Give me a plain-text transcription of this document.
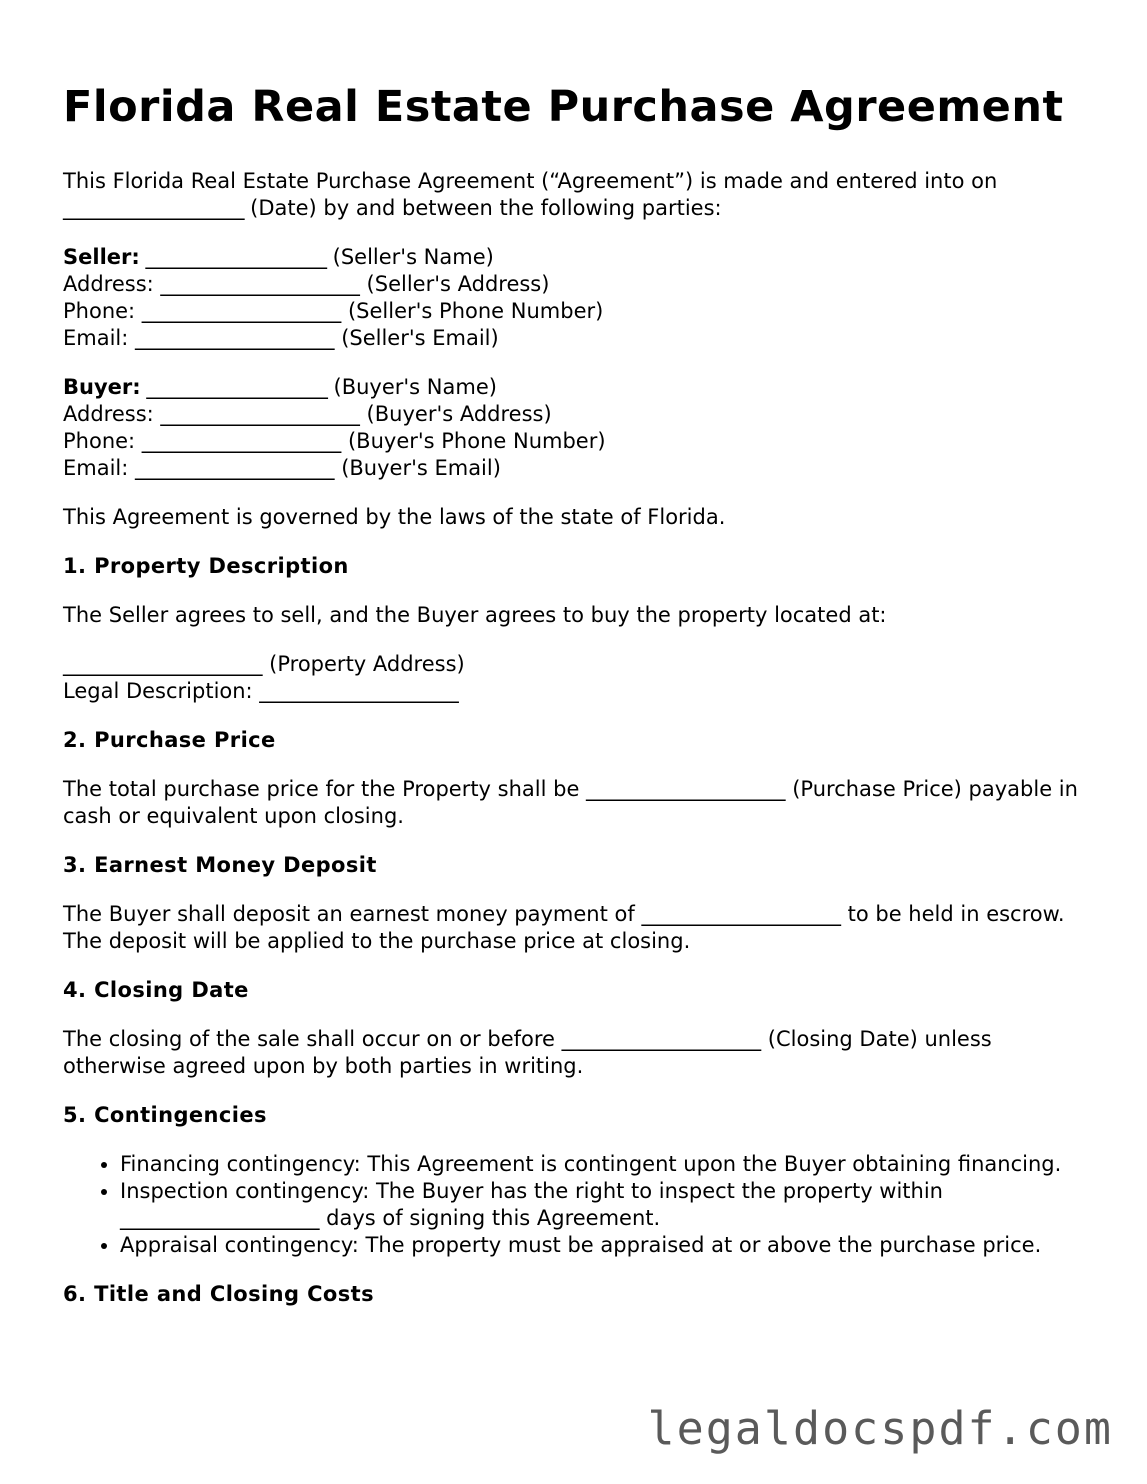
Florida Real Estate Purchase Agreement

This Florida Real Estate Purchase Agreement (“Agreement”) is made and entered into on
___________________ (Date) by and between the following parties:

Seller: ___________________ (Seller's Name)
Address: ___________________ (Seller's Address)
Phone: ___________________ (Seller's Phone Number)
Email: ___________________ (Seller's Email)
Buyer: ___________________ (Buyer's Name)
Address: ___________________ (Buyer's Address)
Phone: ___________________ (Buyer's Phone Number)
Email: ___________________ (Buyer's Email)

This Agreement is governed by the laws of the state of Florida.

1. Property Description

The Seller agrees to sell, and the Buyer agrees to buy the property located at:

___________________ (Property Address)
Legal Description: ___________________
2. Purchase Price

The total purchase price for the Property shall be ___________________ (Purchase Price) payable in cash or equivalent upon closing.

3. Earnest Money Deposit

The Buyer shall deposit an earnest money payment of ___________________ to be held in escrow. The deposit will be applied to the purchase price at closing.

4. Closing Date

The closing of the sale shall occur on or before ___________________ (Closing Date) unless otherwise agreed upon by both parties in writing.

5. Contingencies
• Financing contingency: This Agreement is contingent upon the Buyer obtaining financing.
• Inspection contingency: The Buyer has the right to inspect the property within ___________________ days of signing this Agreement.
• Appraisal contingency: The property must be appraised at or above the purchase price.
6. Title and Closing Costs
legaldocspdf.com
